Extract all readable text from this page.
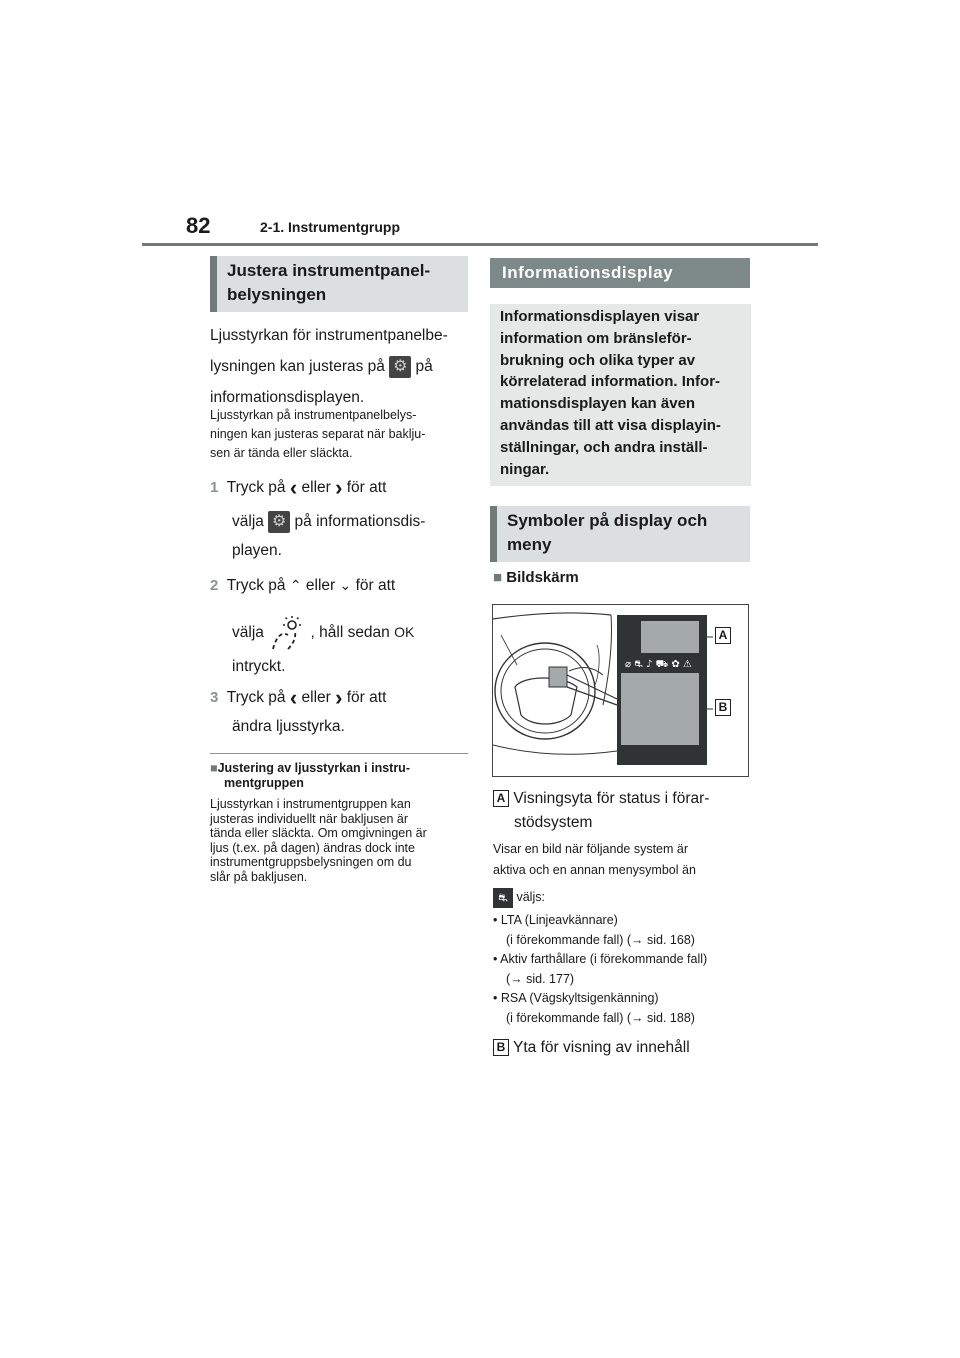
82	2-1. Instrumentgrupp
Justera instrumentpanel-
belysningen
Ljusstyrkan för instrumentpanelbe-
lysningen kan justeras på ⚙ på
informationsdisplayen.
Ljusstyrkan på instrumentpanelbelys-
ningen kan justeras separat när baklju-
sen är tända eller släckta.
1 Tryck på ‹ eller › för att
välja ⚙ på informationsdis-
playen.
2 Tryck på ⌃ eller ⌄ för att
välja	, håll sedan OK
intryckt.
3 Tryck på ‹ eller › för att
ändra ljusstyrka.
■Justering av ljusstyrkan i instru-
mentgruppen
Ljusstyrkan i instrumentgruppen kan
justeras individuellt när bakljusen är
tända eller släckta. Om omgivningen är
ljus (t.ex. på dagen) ändras dock inte
instrumentgruppsbelysningen om du
slår på bakljusen.
Informationsdisplay
Informationsdisplayen visar
information om bränsleför-
brukning och olika typer av
körrelaterad information. Infor-
mationsdisplayen kan även
användas till att visa displayin-
ställningar, och andra inställ-
ningar.
Symboler på display och
meny
■ Bildskärm
⌀ ⛐ ♪ ⛟ ✿ ⚠
A
B
A Visningsyta för status i förar-
stödsystem
Visar en bild när följande system är
aktiva och en annan menysymbol än
⛐ väljs:
• LTA (Linjeavkännare)
(i förekommande fall) (→ sid. 168)
• Aktiv farthållare (i förekommande fall)
(→ sid. 177)
• RSA (Vägskyltsigenkänning)
(i förekommande fall) (→ sid. 188)
B Yta för visning av innehåll
